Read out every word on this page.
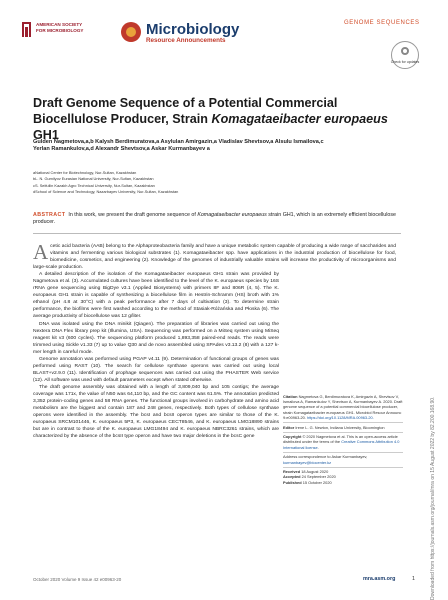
AMERICAN SOCIETY FOR MICROBIOLOGY	Microbiology
Resource Announcements
GENOME SEQUENCES
Check for updates
Draft Genome Sequence of a Potential Commercial Biocellulose Producer, Strain Komagataeibacter europaeus GH1
Gulden Nagmetova,a,b Kalysh Berdimuratova,a Asylulan Amirgazin,a Vladislav Shevtsov,a Alsulu Ismailova,c
Yerlan Ramankulov,a,d Alexandr Shevtsov,a Askar Kurmanbayev a
aNational Center for Biotechnology, Nur-Sultan, Kazakhstan
bL. N. Gumilyov Eurasian National University, Nur-Sultan, Kazakhstan
cS. Seifullin Kazakh Agro Technical University, Nur-Sultan, Kazakhstan
dSchool of Science and Technology, Nazarbayev University, Nur-Sultan, Kazakhstan
ABSTRACT In this work, we present the draft genome sequence of Komagataeibacter europaeus strain GH1, which is an extremely efficient biocellulose producer.

Acetic acid bacteria (AAB) belong to the Alphaproteobacteria family and have a unique metabolic system capable of producing a wide range of saccharides and vitamins and fermenting various biological substrates (1). Komagataeibacter spp. have applications in the industrial production of biocellulose for food, biomedicine, cosmetics, and engineering (2). Knowledge of the genomes of industrially valuable strains will increase the productivity of microorganisms and large-scale production.

A detailed description of the isolation of the Komagataeibacter europaeus GH1 strain was provided by Nagmetova et al. (3). Accumulated cultures have been identified to the level of the K. europaeus species by 16S rRNA gene sequencing using BigDye v3.1 (Applied Biosystems) with primers 8F and 806R (4, 5). The K. europaeus GH1 strain is capable of synthesizing a biocellulose film in Hestrin-Schramm (HS) broth with 1% ethanol (pH 4.8 at 30°C) with a peak performance after 7 days of cultivation (3). To determine strain performance, the biofilms were first washed according to the method of Stasiak-Różańska and Płoska (6). The average productivity of biocellulose was 12 g/liter.

DNA was isolated using the DNA minikit (Qiagen). The preparation of libraries was carried out using the Nextera DNA Flex library prep kit (Illumina, USA). Sequencing was performed on a MiSeq system using MiSeq reagent kit v3 (600 cycles). The sequencing platform produced 1,893,358 paired-end reads. The reads were trimmed using Sickle v1.33 (7) up to value Q30 and de novo assembled using SPAdes v3.13.2 (8) with a 127 k-mer length in careful mode.

Genome annotation was performed using PGAP v4.11 (9). Determination of functional groups of genes was performed using RAST (10). The search for cellulose synthase operons was carried out using local BLAST+v2.9.0 (11). Identification of prophage sequences was carried out using the PHASTER Web service (12). All software was used with default parameters except when stated otherwise.

The draft genome assembly was obtained with a length of 3,809,040 bp and 105 contigs; the average coverage was 171x, the value of N50 was 64,110 bp, and the GC content was 61.5%. The annotation predicted 3,352 protein-coding genes and 58 RNA genes. The functional groups involved in carbohydrate and amino acid metabolism are the biggest and contain 187 and 248 genes, respectively. Both types of cellulose synthase operons were identified in the assembly. The bcsI and bcsII operon types are similar to those of the K. europaeus SRCM101446, K. europaeus 5P3, K. europaeus CECT8546, and K. europaeus LMG18890 strains but are in contrast to those of the K. europaeus LMG18494 and K. europaeus NBRC3261 strains, which are characterized by the absence of the bcsII type operon and have two major deletions in the bcsC gene

Citation Nagmetova G, Berdimuratova K, Amirgazin A, Shevtsov V, Ismailova A, Ramankulov Y, Shevtsov A, Kurmanbayev A. 2020. Draft genome sequence of a potential commercial biocellulose producer, strain Komagataeibacter europaeus GH1. Microbiol Resour Announc 9:e00963-20. https://doi.org/10.1128/MRA.00963-20.
Editor Irene L. G. Newton, Indiana University, Bloomington
Copyright © 2020 Nagmetova et al. This is an open-access article distributed under the terms of the Creative Commons Attribution 4.0 International license.
Address correspondence to Askar Kurmanbayev, kurmanbayev@biocenter.kz
Received 18 August 2020
Accepted 24 September 2020
Published 15 October 2020
October 2020 Volume 9 Issue 42 e00963-20	mra.asm.org	1	Downloaded from https://journals.asm.org/journal/mra on 15 August 2022 by 82.200.168.90.
